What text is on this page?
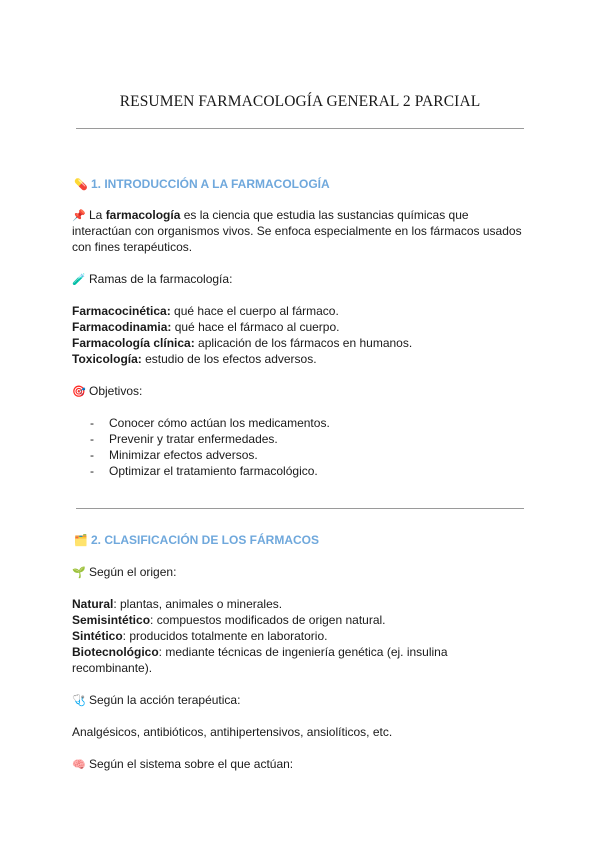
RESUMEN FARMACOLOGÍA GENERAL 2 PARCIAL
💊 1. INTRODUCCIÓN A LA FARMACOLOGÍA
📌 La farmacología es la ciencia que estudia las sustancias químicas que
interactúan con organismos vivos. Se enfoca especialmente en los fármacos usados
con fines terapéuticos.
🧪 Ramas de la farmacología:
Farmacocinética: qué hace el cuerpo al fármaco.
Farmacodinamia: qué hace el fármaco al cuerpo.
Farmacología clínica: aplicación de los fármacos en humanos.
Toxicología: estudio de los efectos adversos.
🎯 Objetivos:
- Conocer cómo actúan los medicamentos.
- Prevenir y tratar enfermedades.
- Minimizar efectos adversos.
- Optimizar el tratamiento farmacológico.
🗂️ 2. CLASIFICACIÓN DE LOS FÁRMACOS
🌱 Según el origen:
Natural: plantas, animales o minerales.
Semisintético: compuestos modificados de origen natural.
Sintético: producidos totalmente en laboratorio.
Biotecnológico: mediante técnicas de ingeniería genética (ej. insulina
recombinante).
🩺 Según la acción terapéutica:
Analgésicos, antibióticos, antihipertensivos, ansiolíticos, etc.
🧠 Según el sistema sobre el que actúan:
